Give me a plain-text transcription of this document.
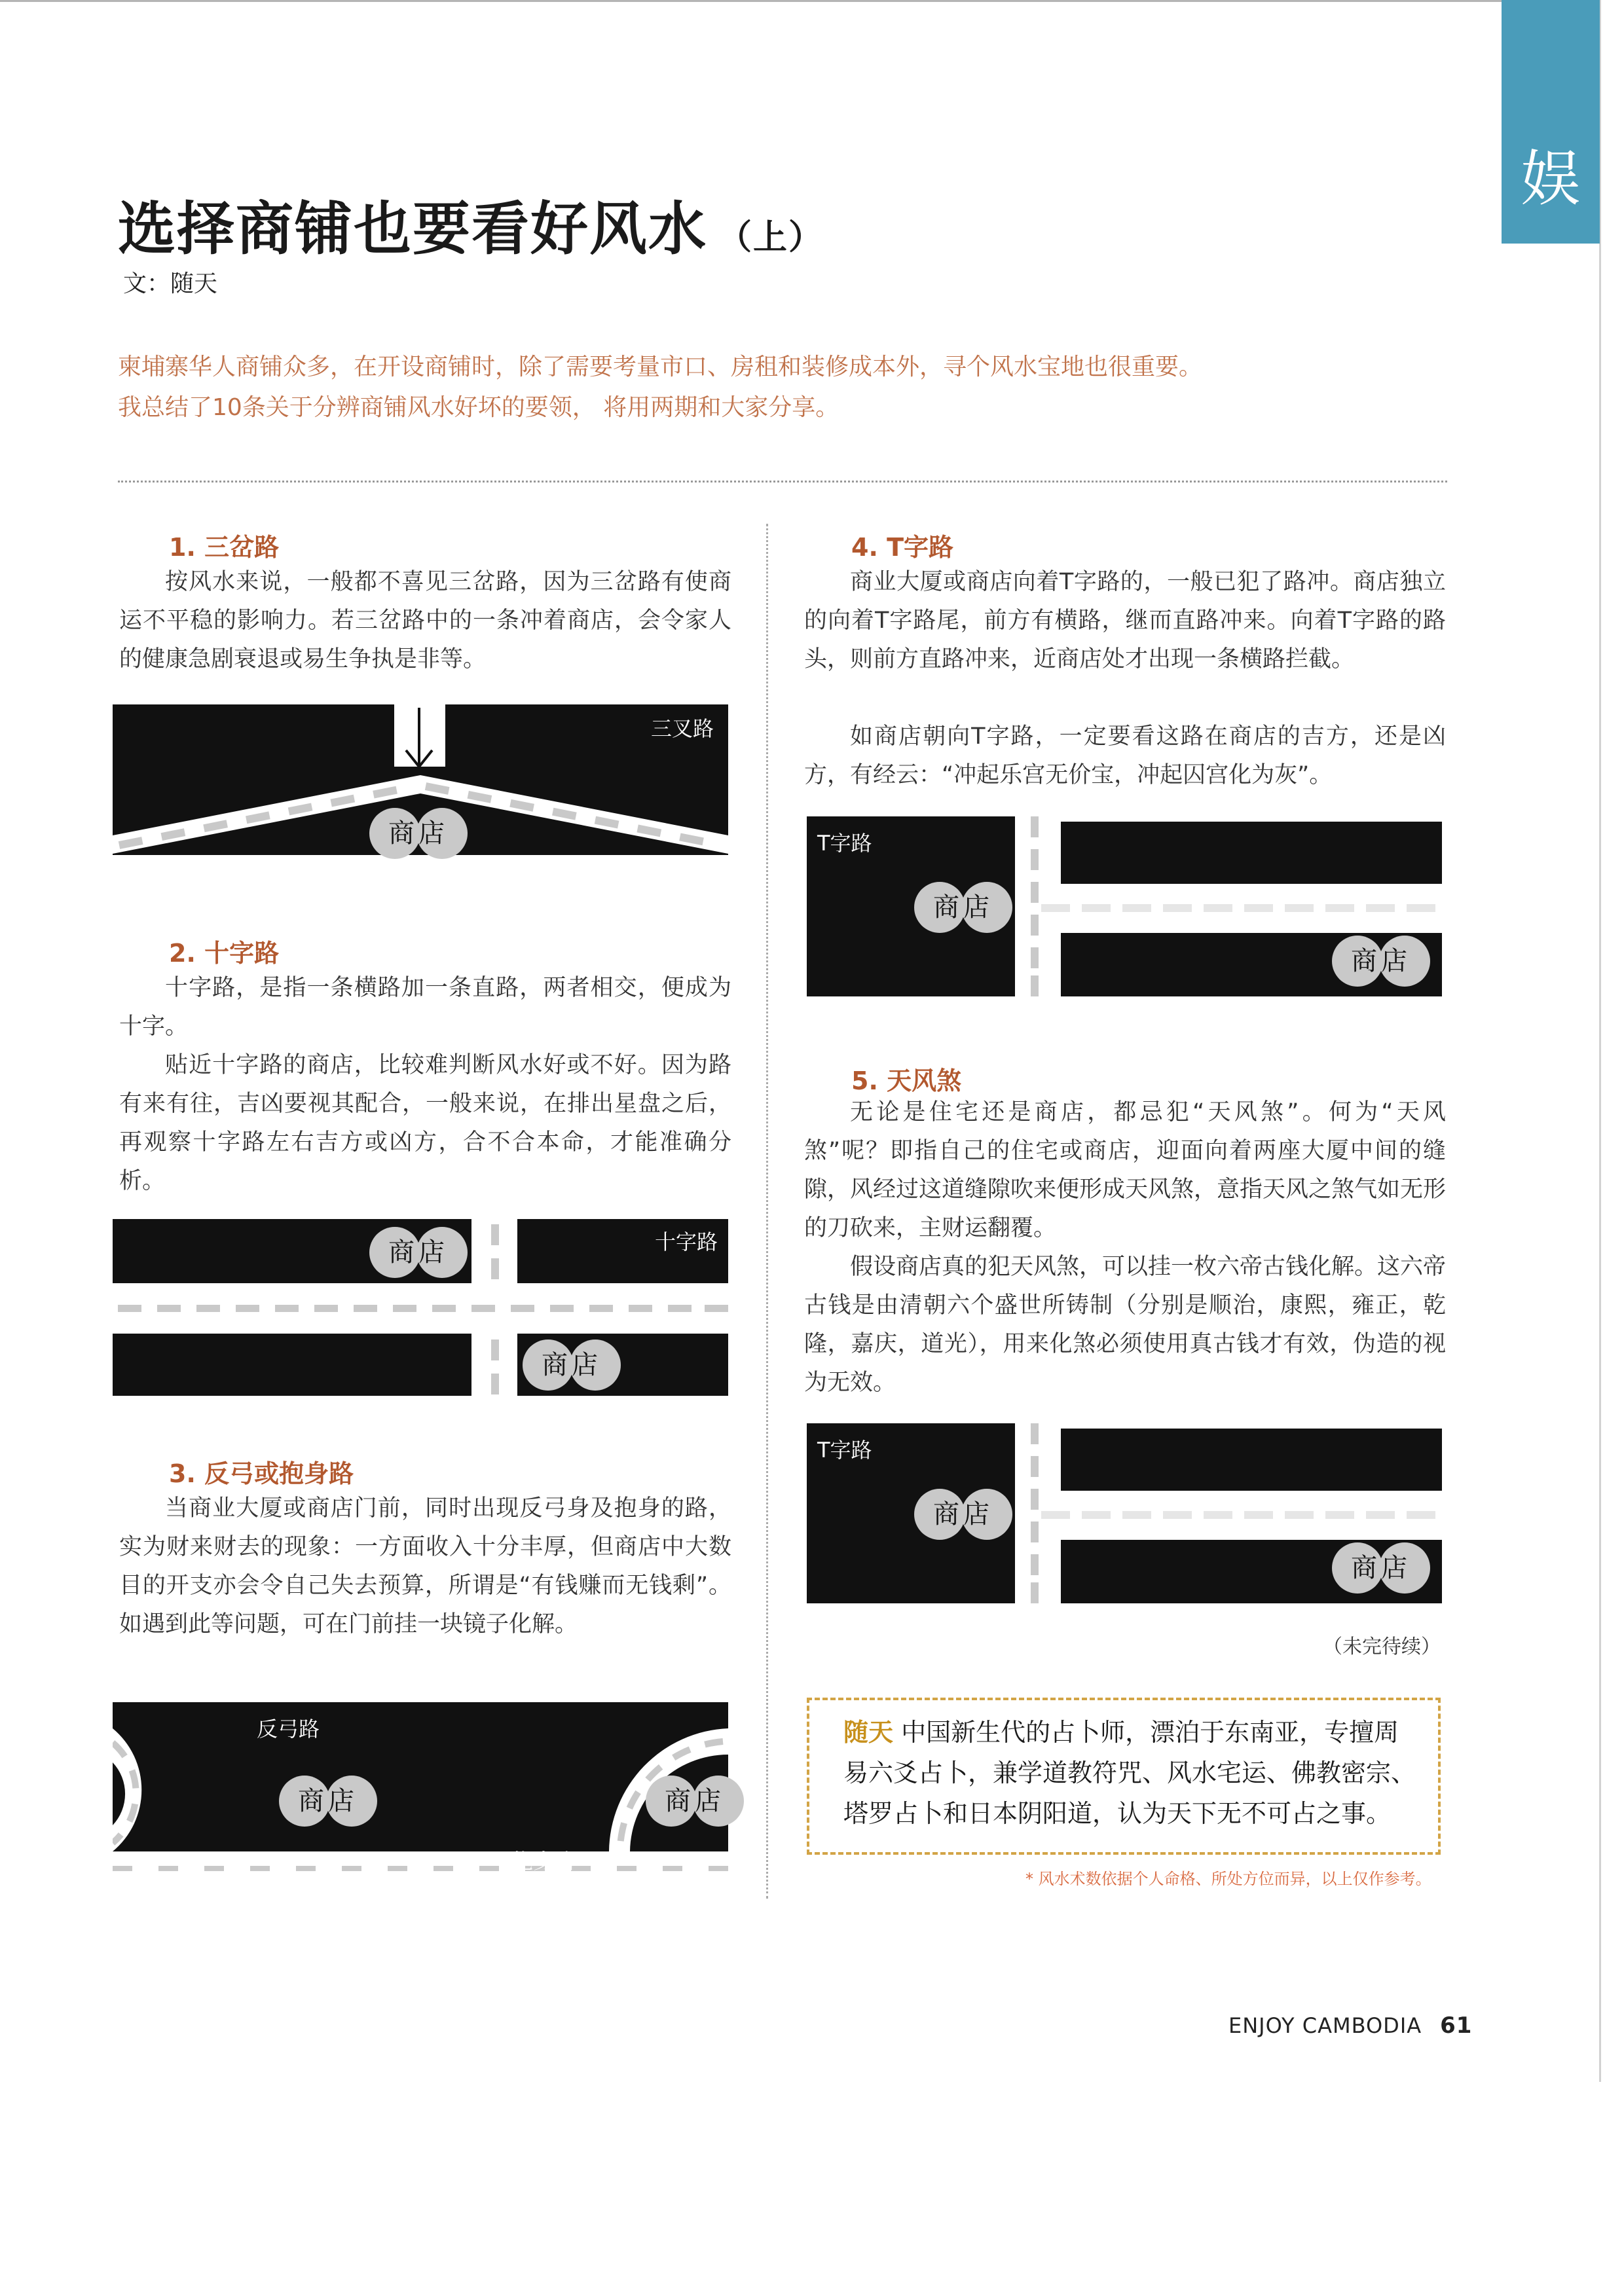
娱
选择商铺也要看好风水 （上）
文：随天
柬埔寨华人商铺众多，在开设商铺时，除了需要考量市口、房租和装修成本外，寻个风水宝地也很重要。
我总结了10条关于分辨商铺风水好坏的要领， 将用两期和大家分享。
1. 三岔路
按风水来说，一般都不喜见三岔路，因为三岔路有使商运不平稳的影响力。若三岔路中的一条冲着商店，会令家人的健康急剧衰退或易生争执是非等。
三叉路
商店
2. 十字路
十字路，是指一条横路加一条直路，两者相交，便成为十字。
贴近十字路的商店，比较难判断风水好或不好。因为路有来有往，吉凶要视其配合，一般来说，在排出星盘之后，再观察十字路左右吉方或凶方，合不合本命，才能准确分析。
十字路
商店
商店
3. 反弓或抱身路
当商业大厦或商店门前，同时出现反弓身及抱身的路，实为财来财去的现象：一方面收入十分丰厚，但商店中大数目的开支亦会令自己失去预算，所谓是“有钱赚而无钱剩”。如遇到此等问题，可在门前挂一块镜子化解。
反弓路
抱身路
商店	商店
4. T字路
商业大厦或商店向着T字路的，一般已犯了路冲。商店独立的向着T字路尾，前方有横路，继而直路冲来。向着T字路的路头，则前方直路冲来，近商店处才出现一条横路拦截。
如商店朝向T字路，一定要看这路在商店的吉方，还是凶方，有经云：“冲起乐宫无价宝，冲起囚宫化为灰”。
T字路
商店
商店
5. 天风煞
无论是住宅还是商店，都忌犯“天风煞”。何为“天风煞”呢？即指自己的住宅或商店，迎面向着两座大厦中间的缝隙，风经过这道缝隙吹来便形成天风煞，意指天风之煞气如无形的刀砍来，主财运翻覆。
假设商店真的犯天风煞，可以挂一枚六帝古钱化解。这六帝古钱是由清朝六个盛世所铸制（分别是顺治，康熙，雍正，乾隆，嘉庆，道光），用来化煞必须使用真古钱才有效，伪造的视为无效。
T字路
商店
商店
（未完待续）

随天 中国新生代的占卜师，漂泊于东南亚，专擅周易六爻占卜，兼学道教符咒、风水宅运、佛教密宗、塔罗占卜和日本阴阳道，认为天下无不可占之事。

* 风水术数依据个人命格、所处方位而异，以上仅作参考。
ENJOY CAMBODIA 61
